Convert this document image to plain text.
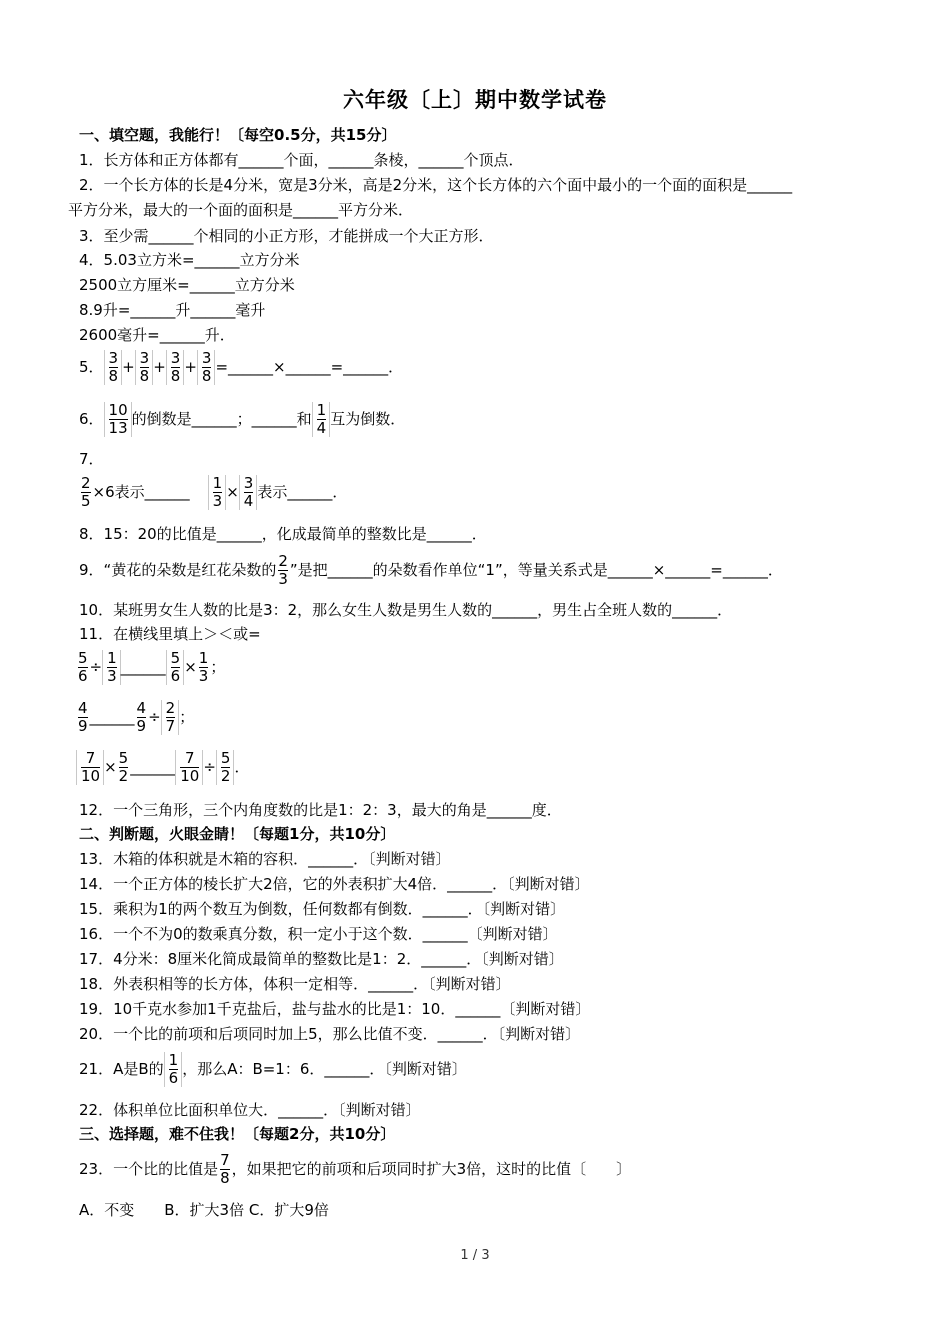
六年级〔上〕期中数学试卷
一、填空题，我能行！〔每空0.5分，共15分〕
1．长方体和正方体都有______个面，______条棱，______个顶点．
2．一个长方体的长是4分米，宽是3分米，高是2分米，这个长方体的六个面中最小的一个面的面积是______
平方分米，最大的一个面的面积是______平方分米．
3．至少需______个相同的小正方形，才能拼成一个大正方形．
4．5.03立方米=______立方分米
2500立方厘米=______立方分米
8.9升=______升______毫升
2600毫升=______升．
5． $\frac{3}{8} + \frac{3}{8} + \frac{3}{8} + \frac{3}{8}$ =______×______=______．
6． $\frac{10}{13}$ 的倒数是______；______和 $\frac{1}{4}$ 互为倒数．
7．
$\frac{2}{5} \times 6$表示______ $\frac{1}{3} \times \frac{3}{4}$ 表示______．
8．15：20的比值是______，化成最简单的整数比是______．
9．“黄花的朵数是红花朵数的 $\frac{2}{3}$ ”是把______的朵数看作单位“1”，等量关系式是______×______=______．
10．某班男女生人数的比是3：2，那么女生人数是男生人数的______，男生占全班人数的______．
11．在横线里填上＞＜或=
$\frac{5}{6} \div \frac{1}{3}$ ______ $\frac{5}{6} \times \frac{1}{3}$ ；
$\frac{4}{9}$ ______ $\frac{4}{9} \div \frac{2}{7}$ ；
$\frac{7}{10} \times \frac{5}{2}$ ______ $\frac{7}{10} \div \frac{5}{2}$ ．
12．一个三角形，三个内角度数的比是1：2：3，最大的角是______度．
二、判断题，火眼金睛！〔每题1分，共10分〕
13．木箱的体积就是木箱的容积．______．〔判断对错〕
14．一个正方体的棱长扩大2倍，它的外表积扩大4倍．______．〔判断对错〕
15．乘积为1的两个数互为倒数，任何数都有倒数．______．〔判断对错〕
16．一个不为0的数乘真分数，积一定小于这个数．______〔判断对错〕
17．4分米：8厘米化简成最简单的整数比是1：2．______．〔判断对错〕
18．外表积相等的长方体，体积一定相等．______．〔判断对错〕
19．10千克水参加1千克盐后，盐与盐水的比是1：10．______〔判断对错〕
20．一个比的前项和后项同时加上5，那么比值不变．______．〔判断对错〕
21．A是B的 $\frac{1}{6}$ ，那么A：B=1：6．______．〔判断对错〕
22．体积单位比面积单位大．______．〔判断对错〕
三、选择题，难不住我！〔每题2分，共10分〕
23．一个比的比值是 $\frac{7}{8}$ ，如果把它的前项和后项同时扩大3倍，这时的比值〔　　〕
A．不变　　B．扩大3倍 C．扩大9倍
1 / 3
